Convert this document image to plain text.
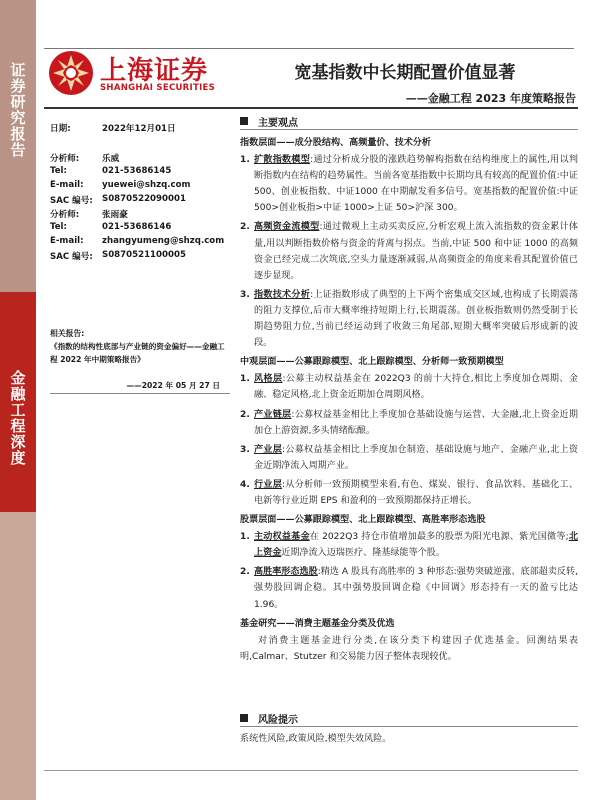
证券研究报告
金融工程深度
上海证券
SHANGHAI SECURITIES
宽基指数中长期配置价值显著
——金融工程 2023 年度策略报告
日期:	2022年12月01日
分析师:	乐威
Tel:	021-53686145
E-mail: yuewei@shzq.com
SAC 编号: S0870522090001
分析师:	张雨豪
Tel:	021-53686146
E-mail: zhangyumeng@shzq.com
SAC 编号: S0870521100005
相关报告:
《指数的结构性底部与产业链的资金偏好——金融工程 2022 年中期策略报告》
——2022 年 05 月 27 日
主要观点
指数层面——成分股结构、高频量价、技术分析
1. 扩散指数模型:通过分析成分股的涨跌趋势解构指数在结构维度上的属性,用以判断指数内在结构的趋势属性。当前各宽基指数中长期均具有较高的配置价值:中证 500、创业板指数、中证1000 在中期献发看多信号。宽基指数的配置价值:中证 500>创业板指>中证 1000>上证 50>沪深 300。
2. 高频资金流模型:通过微观上主动买卖反应,分析宏观上流入流指数的资金累计体量,用以判断指数价格与资金的背离与拐点。当前,中证 500 和中证 1000 的高频资金已经完成二次筑底,空头力量逐渐减弱,从高频资金的角度来看其配置价值已逐步显现。
3. 指数技术分析:上证指数形成了典型的上下两个密集成交区域,也构成了长期震荡的阻力支撑位,后市大概率维持短期上行,长期震荡。创业板指数则仍然受制于长期趋势阻力位,当前已经运动到了收敛三角尾部,短期大概率突破后形成新的波段。
中观层面——公募跟踪模型、北上跟踪模型、分析师一致预期模型
1. 风格层:公募主动权益基金在 2022Q3 的前十大持仓,相比上季度加仓周期、金融、稳定风格,北上资金近期加仓周期风格。
2. 产业链层:公募权益基金相比上季度加仓基础设施与运营、大金融,北上资金近期加仓上游资源,多头情绪酝酿。
3. 产业层:公募权益基金相比上季度加仓制造、基础设施与地产、金融产业,北上资金近期净流入周期产业。
4. 行业层:从分析师一致预期模型来看,有色、煤炭、银行、食品饮料、基础化工、电新等行业近期 EPS 和盈利的一致预期都保持正增长。
股票层面——公募跟踪模型、北上跟踪模型、高胜率形态选股
1. 主动权益基金在 2022Q3 持仓市值增加最多的股票为阳光电源、紫光国微等;北上资金近期净流入迈瑞医疗、隆基绿能等个股。
2. 高胜率形态选股:精选 A 股具有高胜率的 3 种形态:强势突破逆涨、底部超卖反转,强势股回调企稳。其中强势股回调企稳《中回调》形态持有一天的盈亏比达 1.96。
基金研究——消费主题基金分类及优选
对消费主题基金进行分类,在该分类下构建因子优选基金。回测结果表明,Calmar、Stutzer 和交易能力因子整体表现较优。
风险提示
系统性风险,政策风险,模型失效风险。
